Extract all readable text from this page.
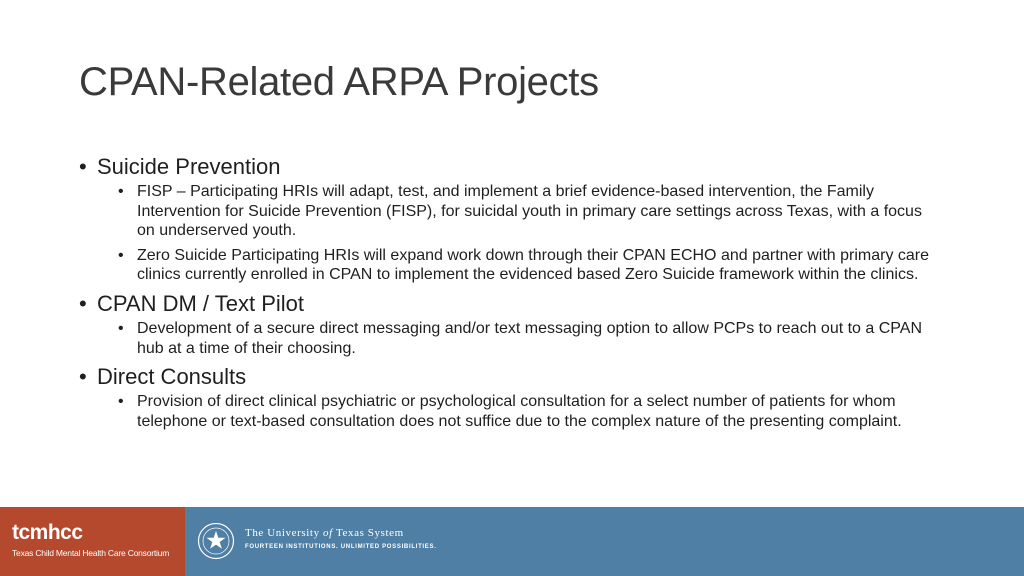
CPAN-Related ARPA Projects
• Suicide Prevention
• FISP – Participating HRIs will adapt, test, and implement a brief evidence-based intervention, the Family Intervention for Suicide Prevention (FISP), for suicidal youth in primary care settings across Texas, with a focus on underserved youth.
• Zero Suicide Participating HRIs will expand work down through their CPAN ECHO and partner with primary care clinics currently enrolled in CPAN to implement the evidenced based Zero Suicide framework within the clinics.
• CPAN DM / Text Pilot
• Development of a secure direct messaging and/or text messaging option to allow PCPs to reach out to a CPAN hub at a time of their choosing.
• Direct Consults
• Provision of direct clinical psychiatric or psychological consultation for a select number of patients for whom telephone or text-based consultation does not suffice due to the complex nature of the presenting complaint.
tcmhcc
Texas Child Mental Health Care Consortium
The University of Texas System
FOURTEEN INSTITUTIONS. UNLIMITED POSSIBILITIES.
